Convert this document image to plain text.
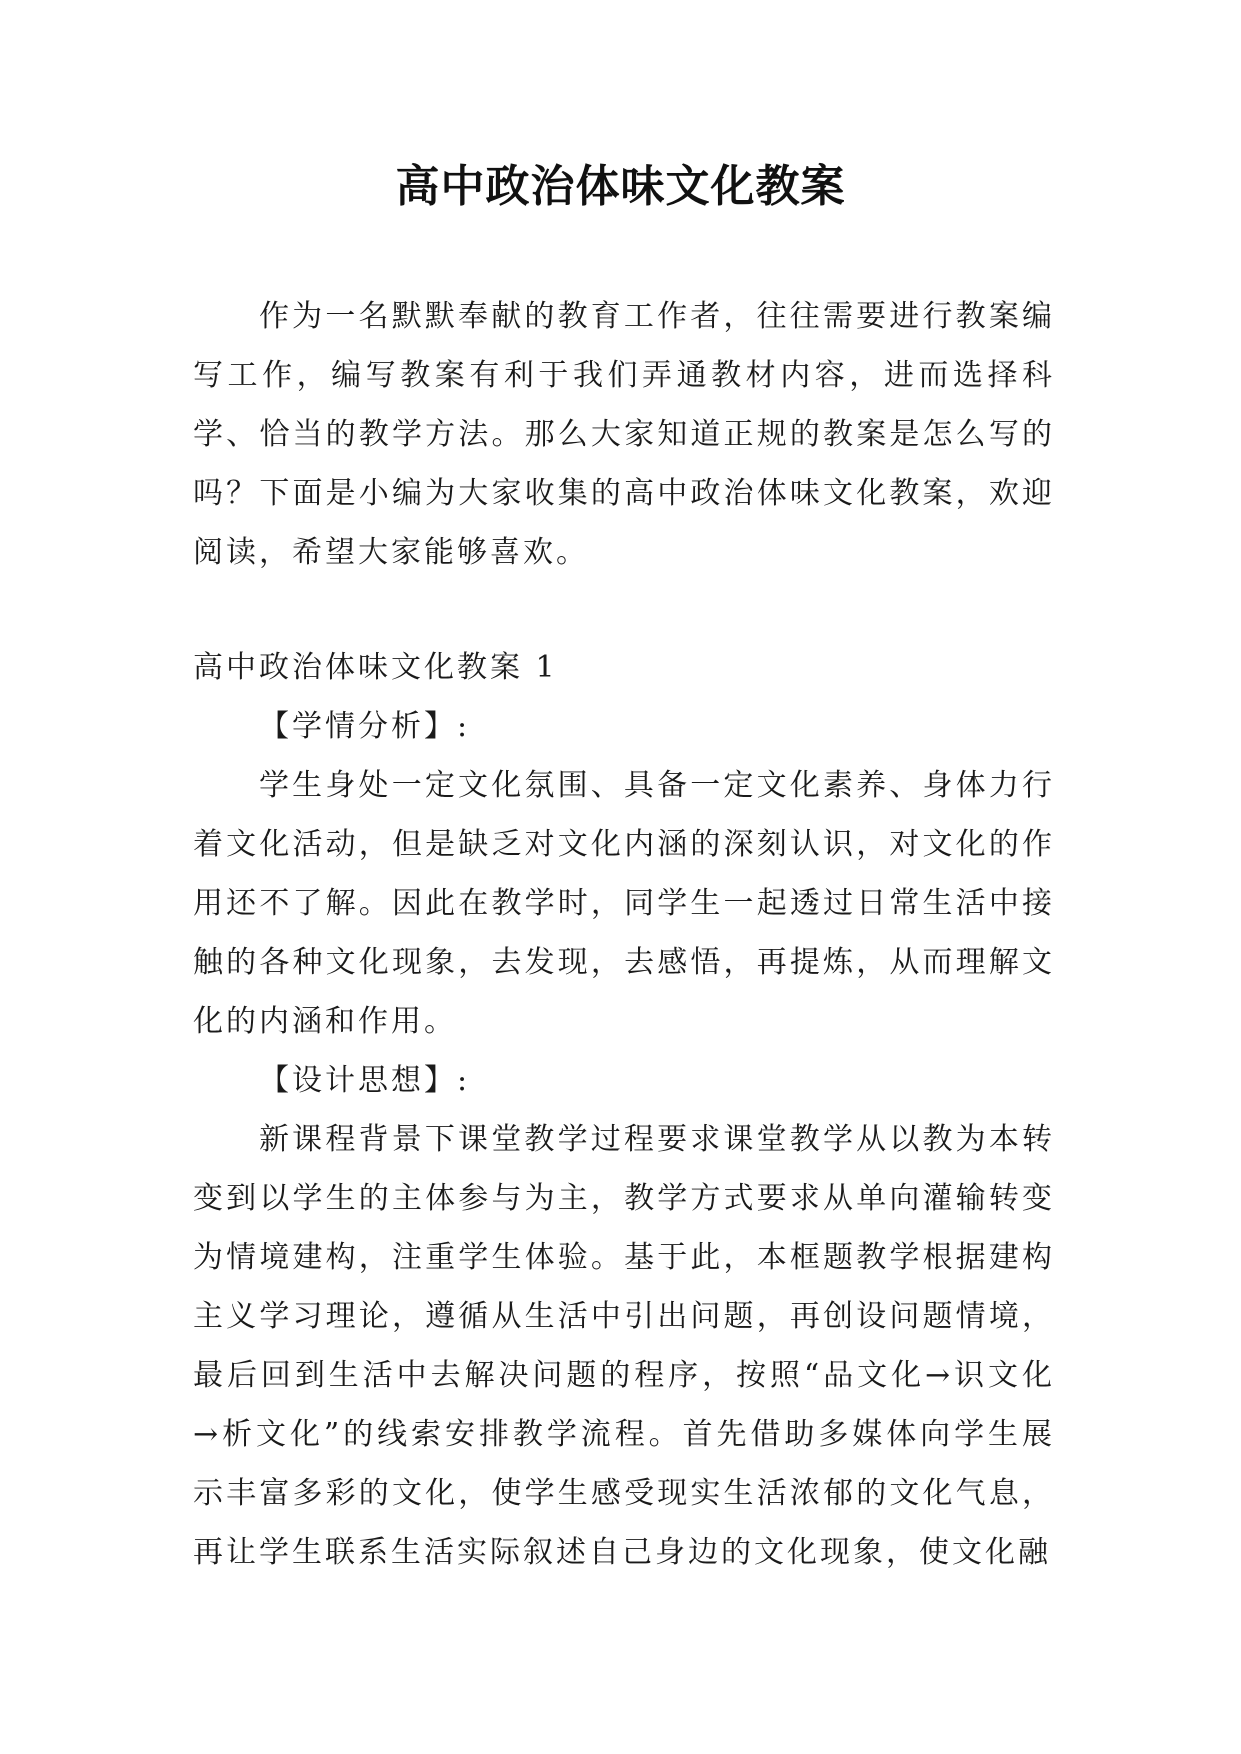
高中政治体味文化教案

作为一名默默奉献的教育工作者，往往需要进行教案编写工作，编写教案有利于我们弄通教材内容，进而选择科学、恰当的教学方法。那么大家知道正规的教案是怎么写的吗？下面是小编为大家收集的高中政治体味文化教案，欢迎阅读，希望大家能够喜欢。

高中政治体味文化教案 1

【学情分析】:

学生身处一定文化氛围、具备一定文化素养、身体力行着文化活动，但是缺乏对文化内涵的深刻认识，对文化的作用还不了解。因此在教学时，同学生一起透过日常生活中接触的各种文化现象，去发现，去感悟，再提炼，从而理解文化的内涵和作用。

【设计思想】:

新课程背景下课堂教学过程要求课堂教学从以教为本转变到以学生的主体参与为主，教学方式要求从单向灌输转变为情境建构，注重学生体验。基于此，本框题教学根据建构主义学习理论，遵循从生活中引出问题，再创设问题情境，最后回到生活中去解决问题的程序，按照“品文化→识文化→析文化”的线索安排教学流程。首先借助多媒体向学生展示丰富多彩的文化，使学生感受现实生活浓郁的文化气息，再让学生联系生活实际叙述自己身边的文化现象，使文化融
